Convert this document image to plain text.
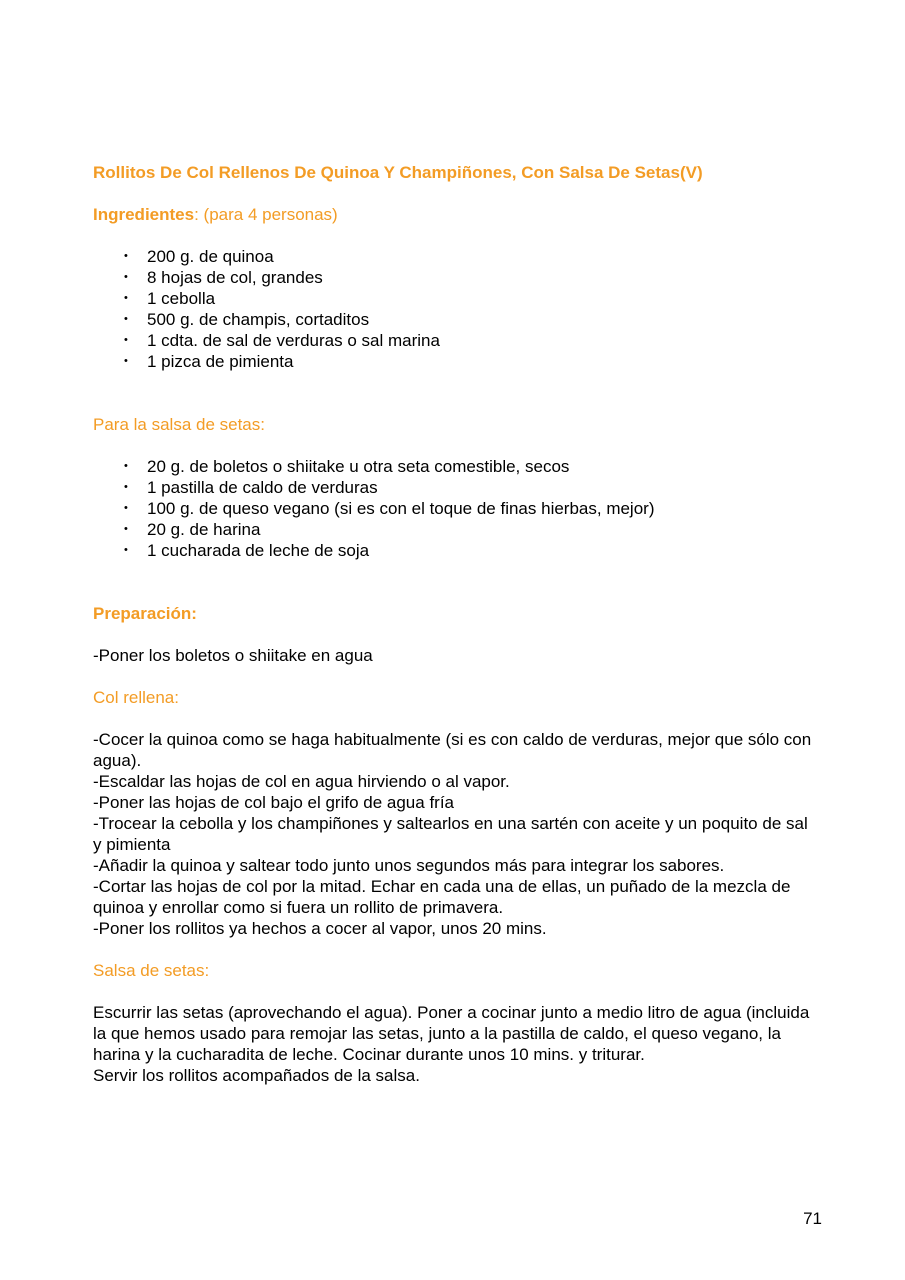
Rollitos De Col Rellenos De Quinoa Y Champiñones, Con Salsa De Setas(V)

Ingredientes: (para 4 personas)

• 200 g. de quinoa
• 8 hojas de col, grandes
• 1 cebolla
• 500 g. de champis, cortaditos
• 1 cdta. de sal de verduras o sal marina
• 1 pizca de pimienta

Para la salsa de setas:

• 20 g. de boletos o shiitake u otra seta comestible, secos
• 1 pastilla de caldo de verduras
• 100 g. de queso vegano (si es con el toque de finas hierbas, mejor)
• 20 g. de harina
• 1 cucharada de leche de soja

Preparación:

-Poner los boletos o shiitake en agua

Col rellena:

-Cocer la quinoa como se haga habitualmente (si es con caldo de verduras, mejor que sólo con agua).

-Escaldar las hojas de col en agua hirviendo o al vapor.

-Poner las hojas de col bajo el grifo de agua fría

-Trocear la cebolla y los champiñones y saltearlos en una sartén con aceite y un poquito de sal y pimienta

-Añadir la quinoa y saltear todo junto unos segundos más para integrar los sabores.

-Cortar las hojas de col por la mitad. Echar en cada una de ellas, un puñado de la mezcla de quinoa y enrollar como si fuera un rollito de primavera.

-Poner los rollitos ya hechos a cocer al vapor, unos 20 mins.

Salsa de setas:

Escurrir las setas (aprovechando el agua). Poner a cocinar junto a medio litro de agua (incluida la que hemos usado para remojar las setas, junto a la pastilla de caldo, el queso vegano, la harina y la cucharadita de leche. Cocinar durante unos 10 mins. y triturar.

Servir los rollitos acompañados de la salsa.

71
